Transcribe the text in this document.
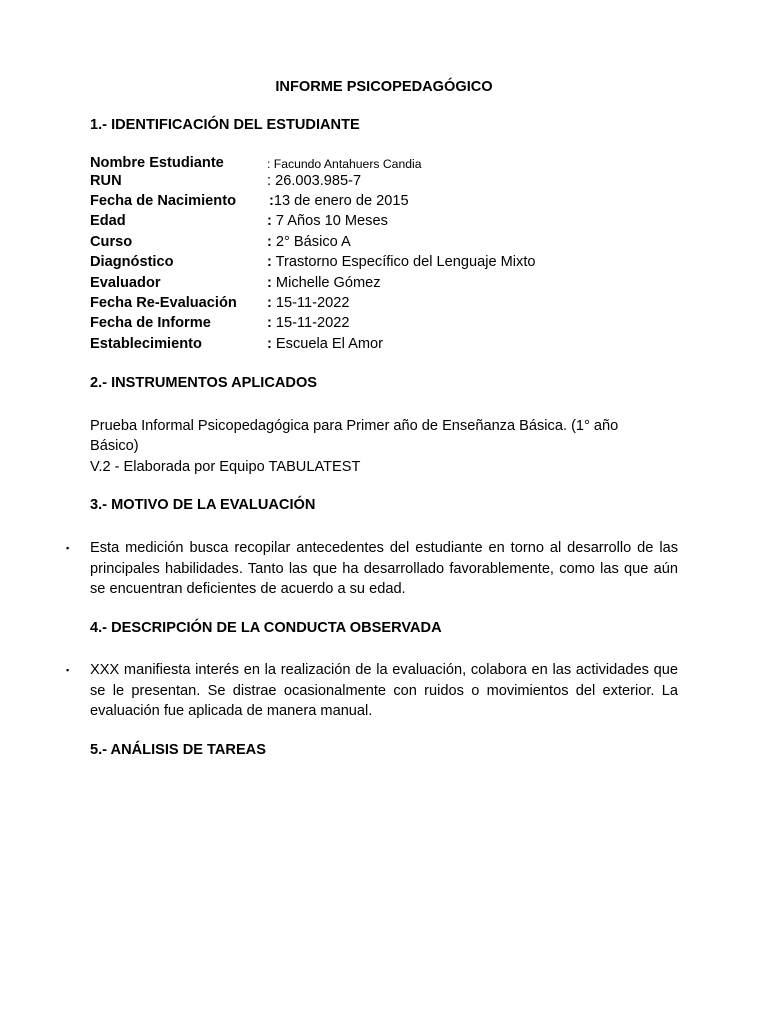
INFORME PSICOPEDAGÓGICO
1.- IDENTIFICACIÓN DEL ESTUDIANTE
Nombre Estudiante	: Facundo Antahuers Candia
RUN	: 26.003.985-7
Fecha de Nacimiento :13 de enero de 2015
Edad	: 7 Años 10 Meses
Curso	: 2° Básico A
Diagnóstico	: Trastorno Específico del Lenguaje Mixto
Evaluador	: Michelle Gómez
Fecha Re-Evaluación : 15-11-2022
Fecha de Informe	: 15-11-2022
Establecimiento	: Escuela El Amor
2.- INSTRUMENTOS APLICADOS
Prueba Informal Psicopedagógica para Primer año de Enseñanza Básica. (1° año
Básico)
V.2 - Elaborada por Equipo TABULATEST
3.- MOTIVO DE LA EVALUACIÓN
▪ Esta medición busca recopilar antecedentes del estudiante en torno al desarrollo de las principales habilidades. Tanto las que ha desarrollado favorablemente, como las que aún se encuentran deficientes de acuerdo a su edad.
4.- DESCRIPCIÓN DE LA CONDUCTA OBSERVADA
▪ XXX manifiesta interés en la realización de la evaluación, colabora en las actividades que se le presentan. Se distrae ocasionalmente con ruidos o movimientos del exterior. La evaluación fue aplicada de manera manual.
5.- ANÁLISIS DE TAREAS
